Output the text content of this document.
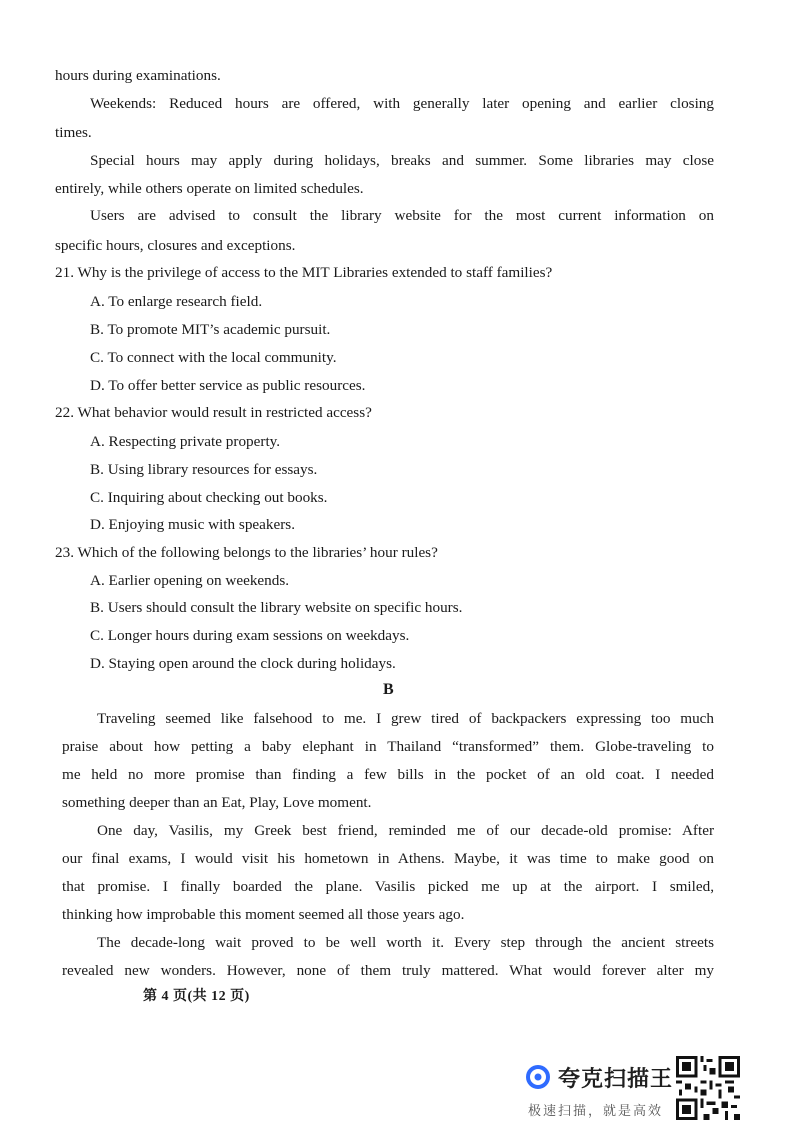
hours during examinations.
Weekends: Reduced hours are offered, with generally later opening and earlier closing
times.
Special hours may apply during holidays, breaks and summer. Some libraries may close
entirely, while others operate on limited schedules.
Users are advised to consult the library website for the most current information on
specific hours, closures and exceptions.
21. Why is the privilege of access to the MIT Libraries extended to staff families?
A. To enlarge research field.
B. To promote MIT’s academic pursuit.
C. To connect with the local community.
D. To offer better service as public resources.
22. What behavior would result in restricted access?
A. Respecting private property.
B. Using library resources for essays.
C. Inquiring about checking out books.
D. Enjoying music with speakers.
23. Which of the following belongs to the libraries’ hour rules?
A. Earlier opening on weekends.
B. Users should consult the library website on specific hours.
C. Longer hours during exam sessions on weekdays.
D. Staying open around the clock during holidays.
B
Traveling seemed like falsehood to me. I grew tired of backpackers expressing too much
praise about how petting a baby elephant in Thailand “transformed” them. Globe-traveling to
me held no more promise than finding a few bills in the pocket of an old coat. I needed
something deeper than an Eat, Play, Love moment.
One day, Vasilis, my Greek best friend, reminded me of our decade-old promise: After
our final exams, I would visit his hometown in Athens. Maybe, it was time to make good on
that promise. I finally boarded the plane. Vasilis picked me up at the airport. I smiled,
thinking how improbable this moment seemed all those years ago.
The decade-long wait proved to be well worth it. Every step through the ancient streets
revealed new wonders. However, none of them truly mattered. What would forever alter my
第 4 页(共 12 页)
夸克扫描王
极速扫描，就是高效
